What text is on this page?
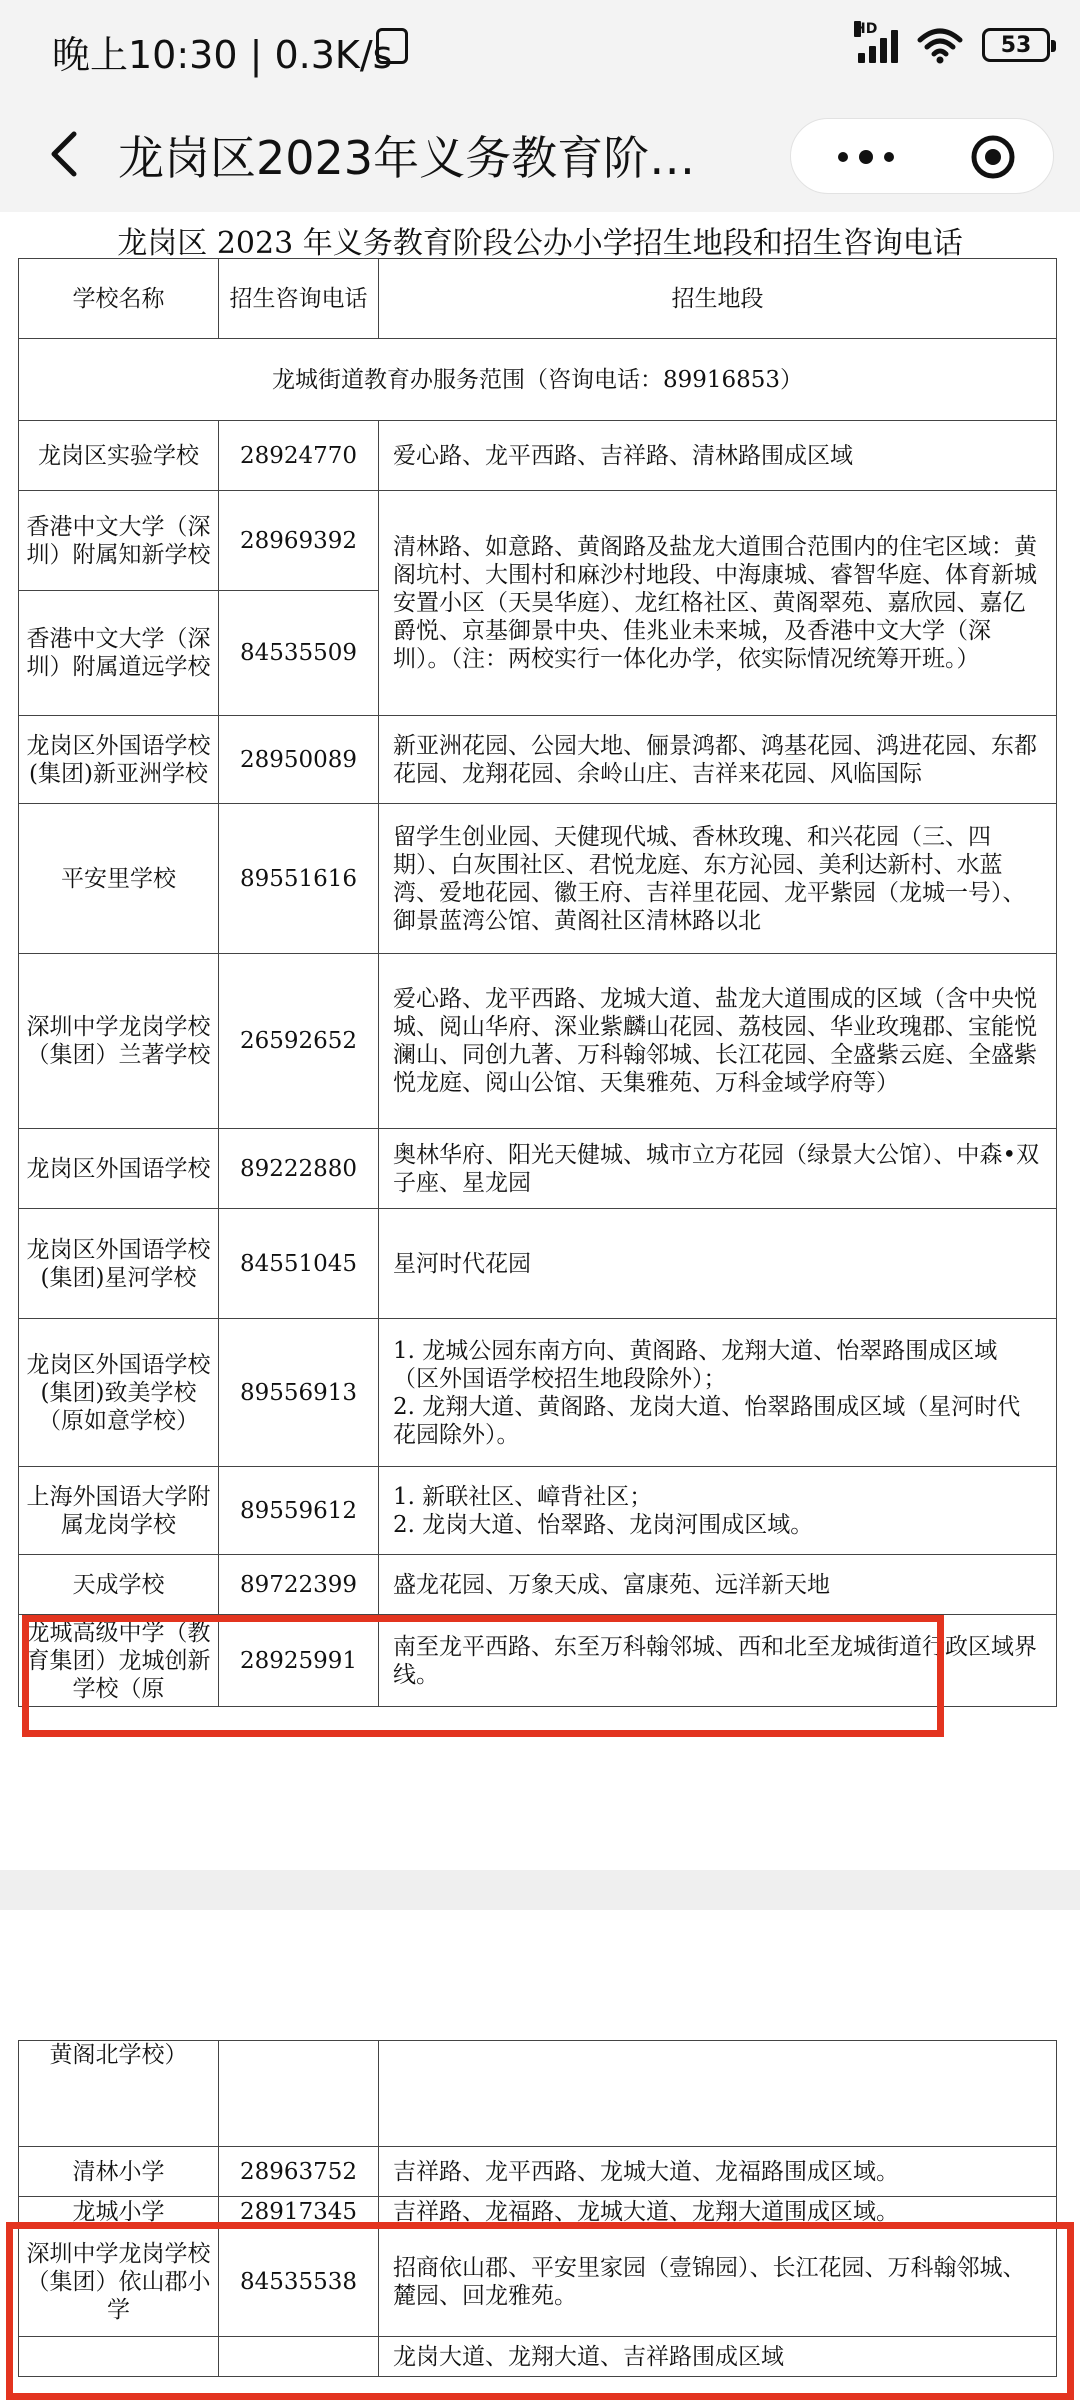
晚上10:30 | 0.3K/s
HD
53
龙岗区2023年义务教育阶…
龙岗区 2023 年义务教育阶段公办小学招生地段和招生咨询电话
学校名称	招生咨询电话	招生地段
龙城街道教育办服务范围（咨询电话：89916853）		
龙岗区实验学校	28924770	爱心路、龙平西路、吉祥路、清林路围成区域
香港中文大学（深圳）附属知新学校	28969392	清林路、如意路、黄阁路及盐龙大道围合范围内的住宅区域：黄阁坑村、大围村和麻沙村地段、中海康城、睿智华庭、体育新城安置小区（天昊华庭）、龙红格社区、黄阁翠苑、嘉欣园、嘉亿爵悦、京基御景中央、佳兆业未来城，及香港中文大学（深圳）。（注：两校实行一体化办学，依实际情况统筹开班。）
香港中文大学（深圳）附属道远学校	84535509	
龙岗区外国语学校(集团)新亚洲学校	28950089	新亚洲花园、公园大地、俪景鸿都、鸿基花园、鸿进花园、东都花园、龙翔花园、余岭山庄、吉祥来花园、风临国际
平安里学校	89551616	留学生创业园、天健现代城、香林玫瑰、和兴花园（三、四期）、白灰围社区、君悦龙庭、东方沁园、美利达新村、水蓝湾、爱地花园、徽王府、吉祥里花园、龙平紫园（龙城一号）、御景蓝湾公馆、黄阁社区清林路以北
深圳中学龙岗学校（集团）兰著学校	26592652	爱心路、龙平西路、龙城大道、盐龙大道围成的区域（含中央悦城、阅山华府、深业紫麟山花园、荔枝园、华业玫瑰郡、宝能悦澜山、同创九著、万科翰邻城、长江花园、全盛紫云庭、全盛紫悦龙庭、阅山公馆、天集雅苑、万科金域学府等）
龙岗区外国语学校	89222880	奥林华府、阳光天健城、城市立方花园（绿景大公馆）、中森•双子座、星龙园
龙岗区外国语学校(集团)星河学校	84551045	星河时代花园
龙岗区外国语学校(集团)致美学校（原如意学校）	89556913	1. 龙城公园东南方向、黄阁路、龙翔大道、怡翠路围成区域（区外国语学校招生地段除外）；
2. 龙翔大道、黄阁路、龙岗大道、怡翠路围成区域（星河时代花园除外）。

上海外国语大学附属龙岗学校	89559612	1. 新联社区、嶂背社区；
2. 龙岗大道、怡翠路、龙岗河围成区域。

天成学校	89722399	盛龙花园、万象天成、富康苑、远洋新天地
龙城高级中学（教育集团）龙城创新学校（原	28925991	南至龙平西路、东至万科翰邻城、西和北至龙城街道行政区域界线。
黄阁北学校）		
清林小学	28963752	吉祥路、龙平西路、龙城大道、龙福路围成区域。
龙城小学	28917345	吉祥路、龙福路、龙城大道、龙翔大道围成区域。
深圳中学龙岗学校（集团）依山郡小学	84535538	招商依山郡、平安里家园（壹锦园）、长江花园、万科翰邻城、麓园、回龙雅苑。
		龙岗大道、龙翔大道、吉祥路围成区域
